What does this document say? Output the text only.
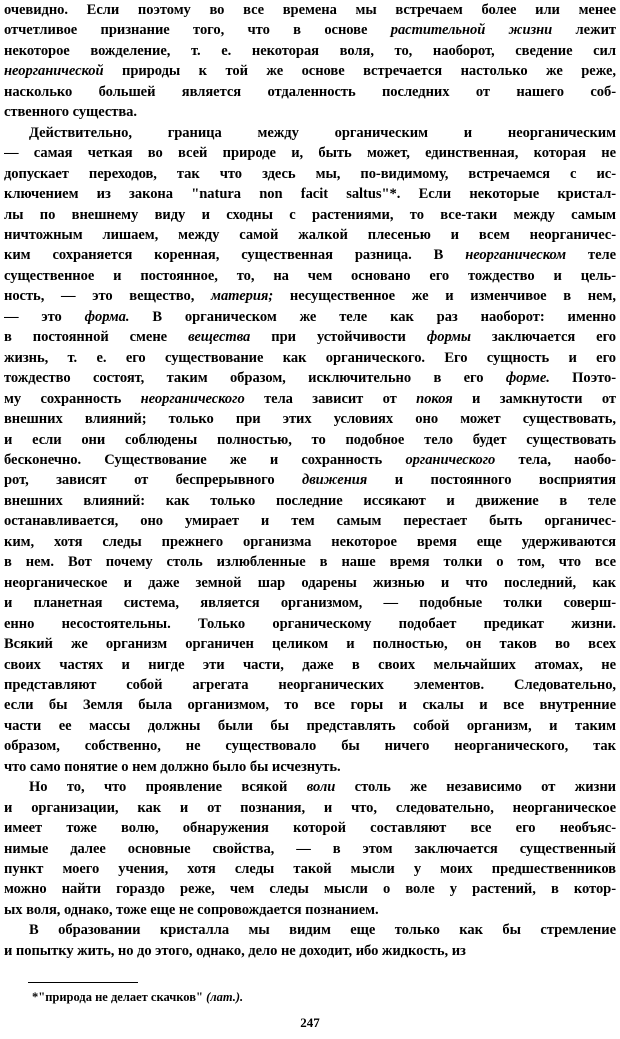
очевидно. Если поэтому во все времена мы встречаем более или менее
отчетливое признание того, что в основе растительной жизни лежит
некоторое вожделение, т. е. некоторая воля, то, наоборот, сведение сил
неорганической природы к той же основе встречается настолько же реже,
насколько большей является отдаленность последних от нашего соб-
ственного существа.
Действительно, граница между органическим и неорганическим
— самая четкая во всей природе и, быть может, единственная, которая не
допускает переходов, так что здесь мы, по-видимому, встречаемся с ис-
ключением из закона "natura non facit saltus"*. Если некоторые кристал-
лы по внешнему виду и сходны с растениями, то все-таки между самым
ничтожным лишаем, между самой жалкой плесенью и всем неорганичес-
ким сохраняется коренная, существенная разница. В неорганическом теле
существенное и постоянное, то, на чем основано его тождество и цель-
ность, — это вещество, материя; несущественное же и изменчивое в нем,
— это форма. В органическом же теле как раз наоборот: именно
в постоянной смене вещества при устойчивости формы заключается его
жизнь, т. е. его существование как органического. Его сущность и его
тождество состоят, таким образом, исключительно в его форме. Поэто-
му сохранность неорганического тела зависит от покоя и замкнутости от
внешних влияний; только при этих условиях оно может существовать,
и если они соблюдены полностью, то подобное тело будет существовать
бесконечно. Существование же и сохранность органического тела, наобо-
рот, зависят от беспрерывного движения и постоянного восприятия
внешних влияний: как только последние иссякают и движение в теле
останавливается, оно умирает и тем самым перестает быть органичес-
ким, хотя следы прежнего организма некоторое время еще удерживаются
в нем. Вот почему столь излюбленные в наше время толки о том, что все
неорганическое и даже земной шар одарены жизнью и что последний, как
и планетная система, является организмом, — подобные толки соверш-
енно несостоятельны. Только органическому подобает предикат жизни.
Всякий же организм органичен целиком и полностью, он таков во всех
своих частях и нигде эти части, даже в своих мельчайших атомах, не
представляют собой агрегата неорганических элементов. Следовательно,
если бы Земля была организмом, то все горы и скалы и все внутренние
части ее массы должны были бы представлять собой организм, и таким
образом, собственно, не существовало бы ничего неорганического, так
что само понятие о нем должно было бы исчезнуть.
Но то, что проявление всякой воли столь же независимо от жизни
и организации, как и от познания, и что, следовательно, неорганическое
имеет тоже волю, обнаружения которой составляют все его необъяс-
нимые далее основные свойства, — в этом заключается существенный
пункт моего учения, хотя следы такой мысли у моих предшественников
можно найти гораздо реже, чем следы мысли о воле у растений, в котор-
ых воля, однако, тоже еще не сопровождается познанием.
В образовании кристалла мы видим еще только как бы стремление
и попытку жить, но до этого, однако, дело не доходит, ибо жидкость, из
*"природа не делает скачков" (лат.).
247
